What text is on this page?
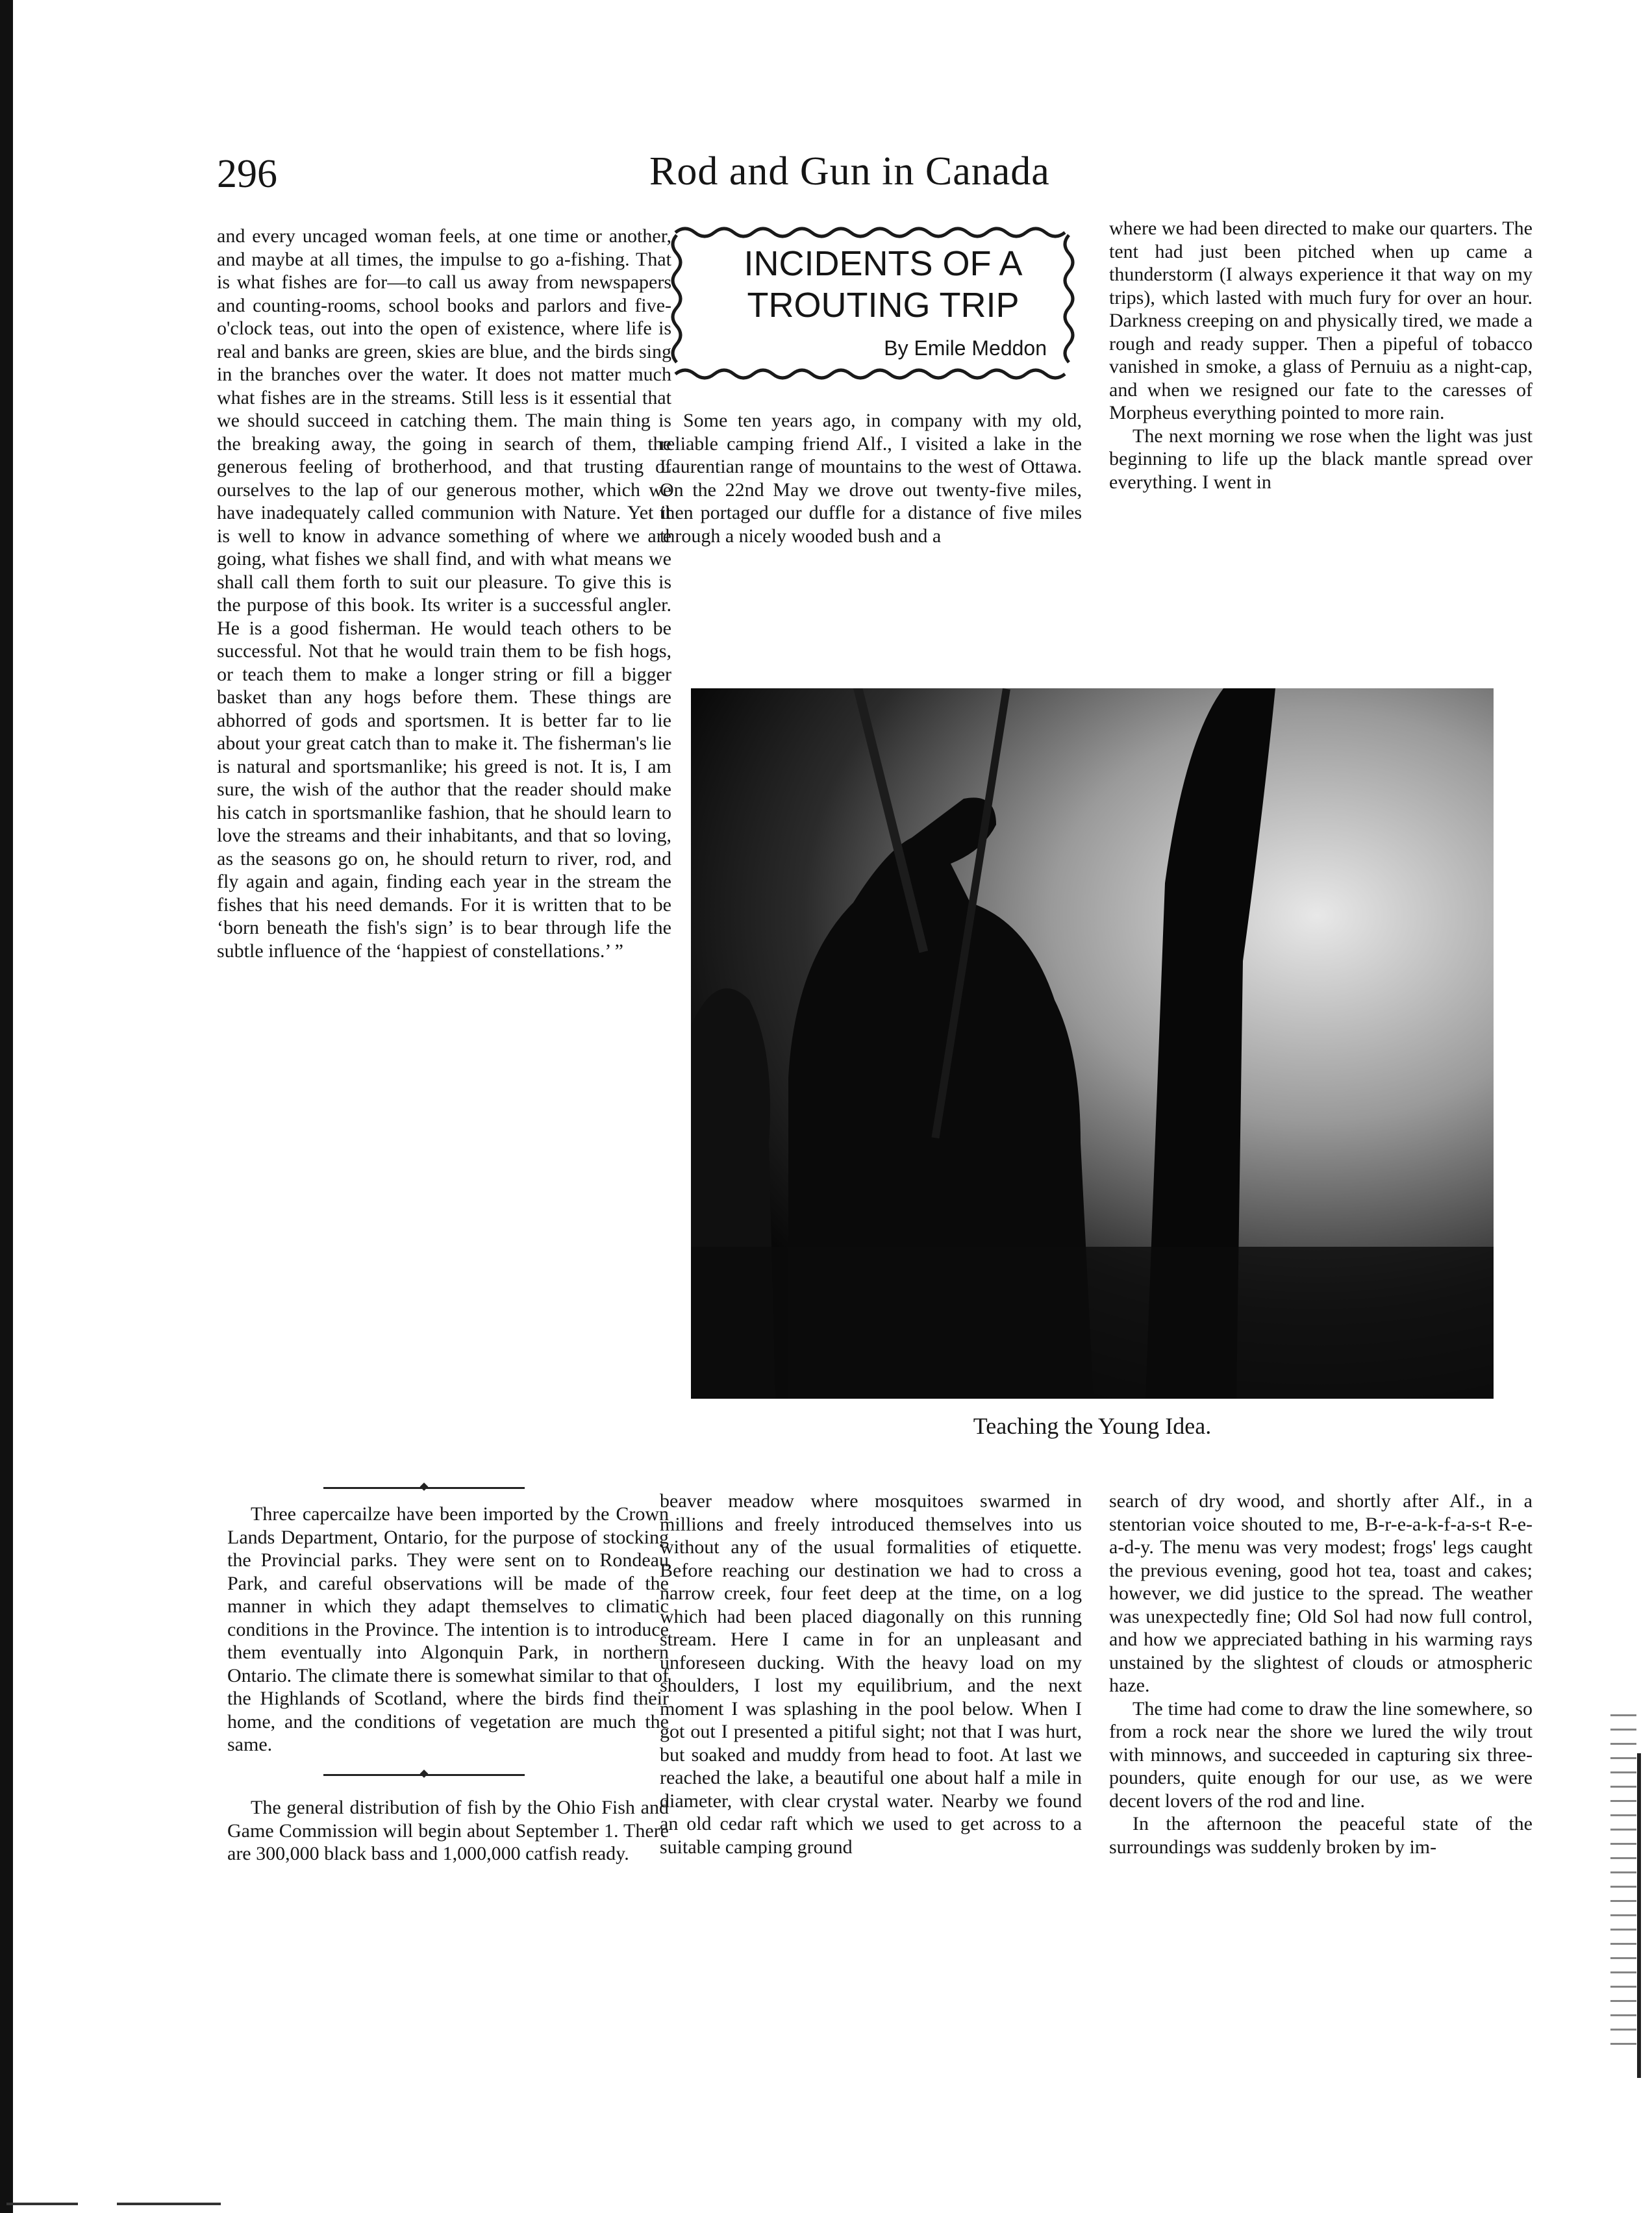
296	Rod and Gun in Canada

and every uncaged woman feels, at one time or another, and maybe at all times, the impulse to go a-fishing. That is what fishes are for—to call us away from newspapers and counting-rooms, school books and parlors and five-o'clock teas, out into the open of existence, where life is real and banks are green, skies are blue, and the birds sing in the branches over the water. It does not matter much what fishes are in the streams. Still less is it essential that we should succeed in catching them. The main thing is the breaking away, the going in search of them, the generous feeling of brotherhood, and that trusting of ourselves to the lap of our generous mother, which we have inadequately called communion with Nature. Yet it is well to know in advance something of where we are going, what fishes we shall find, and with what means we shall call them forth to suit our pleasure. To give this is the purpose of this book. Its writer is a successful angler. He is a good fisherman. He would teach others to be successful. Not that he would train them to be fish hogs, or teach them to make a longer string or fill a bigger basket than any hogs before them. These things are abhorred of gods and sportsmen. It is better far to lie about your great catch than to make it. The fisherman's lie is natural and sportsmanlike; his greed is not. It is, I am sure, the wish of the author that the reader should make his catch in sportsmanlike fashion, that he should learn to love the streams and their inhabitants, and that so loving, as the seasons go on, he should return to river, rod, and fly again and again, finding each year in the stream the fishes that his need demands. For it is written that to be ‘born beneath the fish's sign’ is to bear through life the subtle influence of the ‘happiest of constellations.’ ”

Three capercailze have been imported by the Crown Lands Department, Ontario, for the purpose of stocking the Provincial parks. They were sent on to Rondeau Park, and careful observations will be made of the manner in which they adapt themselves to climatic conditions in the Province. The intention is to introduce them eventually into Algonquin Park, in northern Ontario. The climate there is somewhat similar to that of the Highlands of Scotland, where the birds find their home, and the conditions of vegetation are much the same.

The general distribution of fish by the Ohio Fish and Game Commission will begin about September 1. There are 300,000 black bass and 1,000,000 catfish ready.

INCIDENTS OF A TROUTING TRIP
By Emile Meddon

Some ten years ago, in company with my old, reliable camping friend Alf., I visited a lake in the Laurentian range of mountains to the west of Ottawa. On the 22nd May we drove out twenty-five miles, then portaged our duffle for a distance of five miles through a nicely wooded bush and a

where we had been directed to make our quarters. The tent had just been pitched when up came a thunderstorm (I always experience it that way on my trips), which lasted with much fury for over an hour. Darkness creeping on and physically tired, we made a rough and ready supper. Then a pipeful of tobacco vanished in smoke, a glass of Pernuiu as a night-cap, and when we resigned our fate to the caresses of Morpheus everything pointed to more rain.

The next morning we rose when the light was just beginning to life up the black mantle spread over everything. I went in

Teaching the Young Idea.

beaver meadow where mosquitoes swarmed in millions and freely introduced themselves into us without any of the usual formalities of etiquette. Before reaching our destination we had to cross a narrow creek, four feet deep at the time, on a log which had been placed diagonally on this running stream. Here I came in for an unpleasant and unforeseen ducking. With the heavy load on my shoulders, I lost my equilibrium, and the next moment I was splashing in the pool below. When I got out I presented a pitiful sight; not that I was hurt, but soaked and muddy from head to foot. At last we reached the lake, a beautiful one about half a mile in diameter, with clear crystal water. Nearby we found an old cedar raft which we used to get across to a suitable camping ground

search of dry wood, and shortly after Alf., in a stentorian voice shouted to me, B-r-e-a-k-f-a-s-t R-e-a-d-y. The menu was very modest; frogs' legs caught the previous evening, good hot tea, toast and cakes; however, we did justice to the spread. The weather was unexpectedly fine; Old Sol had now full control, and how we appreciated bathing in his warming rays unstained by the slightest of clouds or atmospheric haze.

The time had come to draw the line somewhere, so from a rock near the shore we lured the wily trout with minnows, and succeeded in capturing six three-pounders, quite enough for our use, as we were decent lovers of the rod and line.

In the afternoon the peaceful state of the surroundings was suddenly broken by im-
